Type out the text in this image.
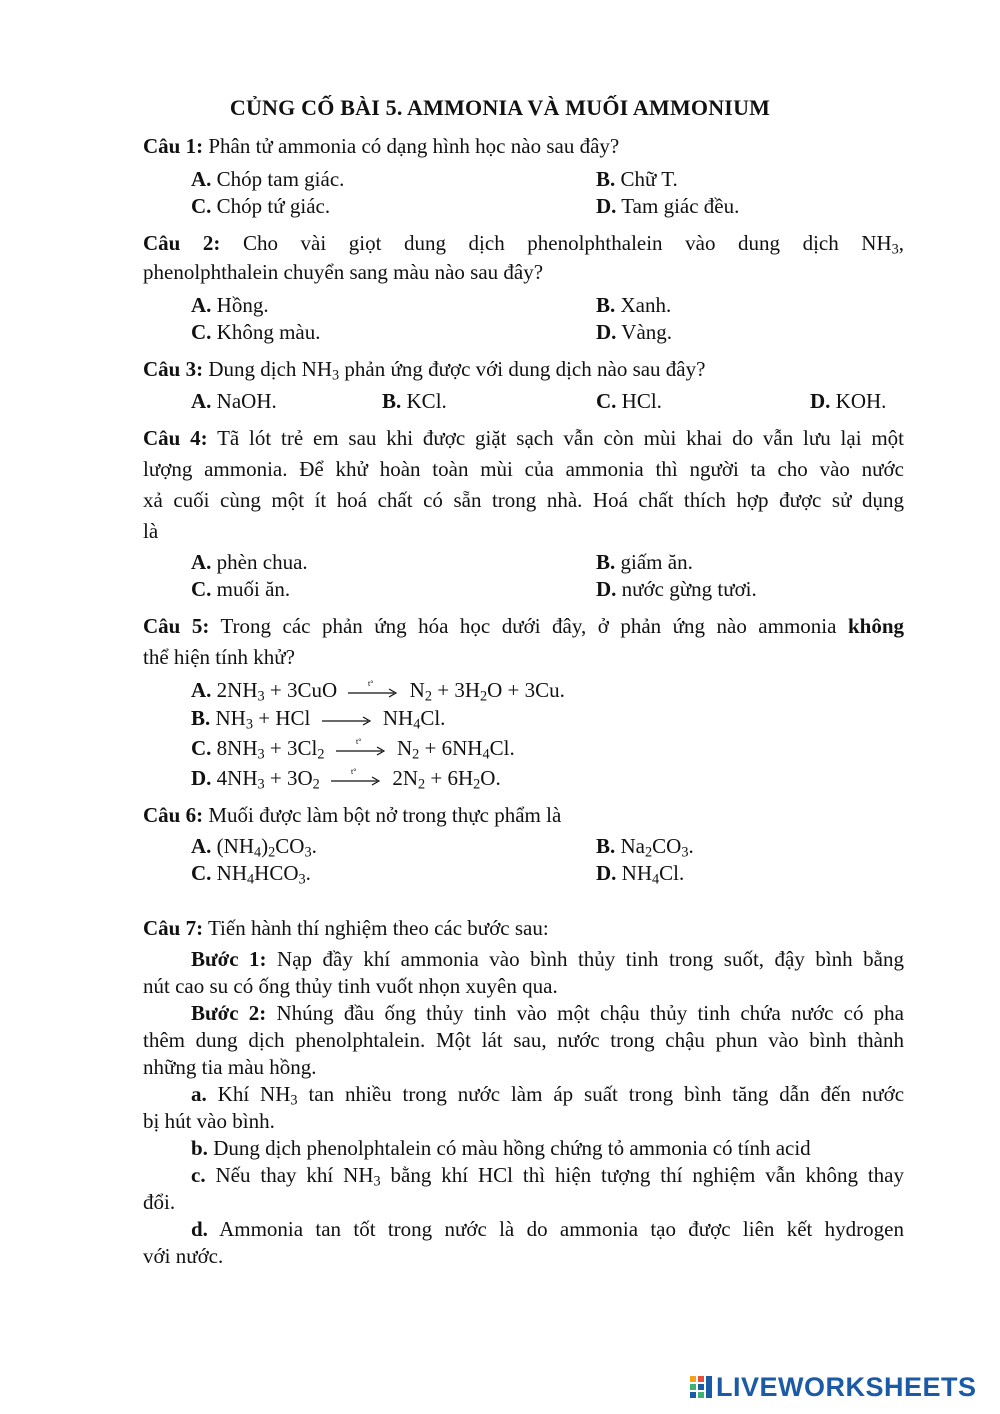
CỦNG CỐ BÀI 5. AMMONIA VÀ MUỐI AMMONIUM
Câu 1: Phân tử ammonia có dạng hình học nào sau đây?
A. Chóp tam giác.	B. Chữ T.
C. Chóp tứ giác.	D. Tam giác đều.
Câu 2: Cho vài giọt dung dịch phenolphthalein vào dung dịch $NH_3$,
phenolphthalein chuyển sang màu nào sau đây?
A. Hồng.	B. Xanh.
C. Không màu.	D. Vàng.
Câu 3: Dung dịch $NH_3$ phản ứng được với dung dịch nào sau đây?
A. NaOH.	B. KCl.	C. HCl.	D. KOH.
Câu 4: Tã lót trẻ em sau khi được giặt sạch vẫn còn mùi khai do vẫn lưu lại một
lượng ammonia. Để khử hoàn toàn mùi của ammonia thì người ta cho vào nước
xả cuối cùng một ít hoá chất có sẵn trong nhà. Hoá chất thích hợp được sử dụng
là
A. phèn chua.	B. giấm ăn.
C. muối ăn.	D. nước gừng tươi.
Câu 5: Trong các phản ứng hóa học dưới đây, ở phản ứng nào ammonia không
thể hiện tính khử?
A. $2NH_3 + 3CuO$	t° $N_2 + 3H_2O + 3Cu$.
B. $NH_3$ + HCl → $NH_4Cl$.
C. $8NH_3 + 3Cl_2$
t° $N_2 + 6NH_4Cl$.
D. $4NH_3 + 3O_2$
t° $2N_2 + 6H_2O$.
Câu 6: Muối được làm bột nở trong thực phẩm là
A. $(NH_4)_2CO_3$.	B. $Na_2CO_3$.
C. $NH_4HCO_3$.	D. $NH_4Cl$.
Câu 7: Tiến hành thí nghiệm theo các bước sau:
Bước 1: Nạp đầy khí ammonia vào bình thủy tinh trong suốt, đậy bình bằng
nút cao su có ống thủy tinh vuốt nhọn xuyên qua.
Bước 2: Nhúng đầu ống thủy tinh vào một chậu thủy tinh chứa nước có pha
thêm dung dịch phenolphtalein. Một lát sau, nước trong chậu phun vào bình thành
những tia màu hồng.
a. Khí $NH_3$ tan nhiều trong nước làm áp suất trong bình tăng dẫn đến nước
bị hút vào bình.
b. Dung dịch phenolphtalein có màu hồng chứng tỏ ammonia có tính acid
c. Nếu thay khí $NH_3$ bằng khí HCl thì hiện tượng thí nghiệm vẫn không thay
đổi.
d. Ammonia tan tốt trong nước là do ammonia tạo được liên kết hydrogen
với nước.
LIVEWORKSHEETS
